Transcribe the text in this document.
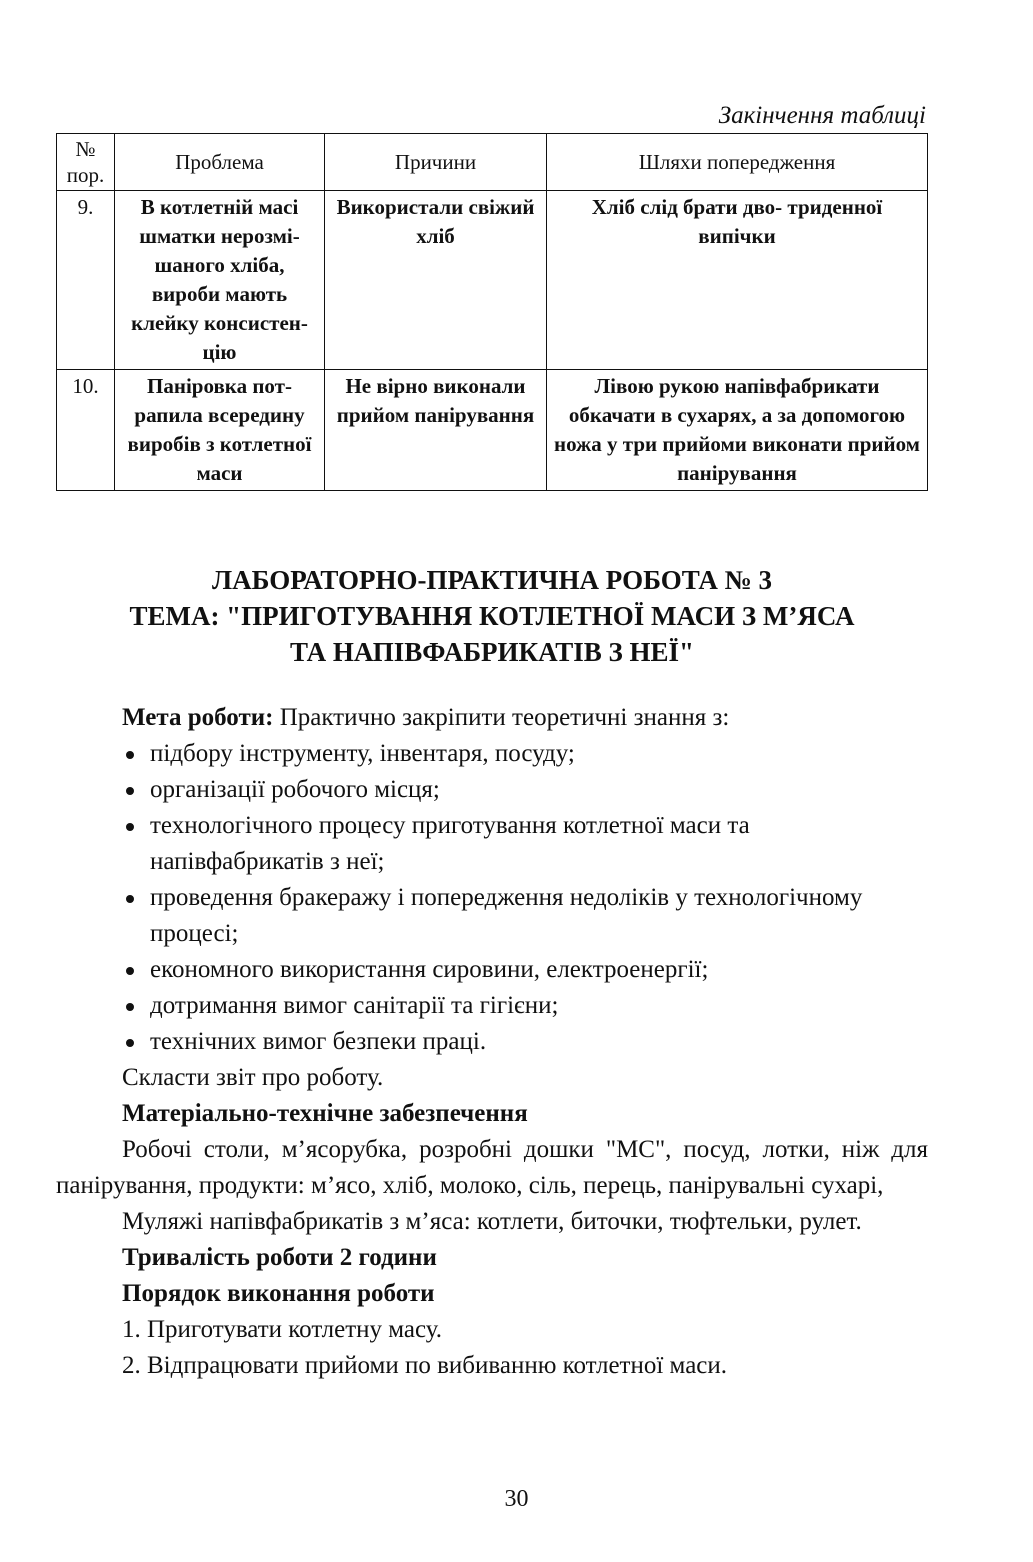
Закінчення таблиці
№ пор.	Проблема	Причини	Шляхи попередження
9.	В котлетній масі шматки нерозмі-шаного хліба, вироби мають клейку консистен-цію	Використали свіжий хліб	Хліб слід брати дво- триденної випічки
10.	Паніровка пот-рапила всередину виробів з котлетної маси	Не вірно виконали прийом панірування	Лівою рукою напівфабрикати обкачати в сухарях, а за допомогою ножа у три прийоми виконати прийом панірування
ЛАБОРАТОРНО-ПРАКТИЧНА РОБОТА № 3
ТЕМА: "ПРИГОТУВАННЯ КОТЛЕТНОЇ МАСИ З М’ЯСА
ТА НАПІВФАБРИКАТІВ З НЕЇ"

Мета роботи: Практично закріпити теоретичні знання з:

підбору інструменту, інвентаря, посуду;
організації робочого місця;
технологічного процесу приготування котлетної маси та напівфабрикатів з неї;
проведення бракеражу і попередження недоліків у технологічному процесі;
економного використання сировини, електроенергії;
дотримання вимог санітарії та гігієни;
технічних вимог безпеки праці.

Скласти звіт про роботу.

Матеріально-технічне забезпечення

Робочі столи, м’ясорубка, розробні дошки "МС", посуд, лотки, ніж для панірування, продукти: м’ясо, хліб, молоко, сіль, перець, панірувальні сухарі,

Муляжі напівфабрикатів з м’яса: котлети, биточки, тюфтельки, рулет.

Тривалість роботи 2 години

Порядок виконання роботи

1. Приготувати котлетну масу.

2. Відпрацювати прийоми по вибиванню котлетної маси.

30
